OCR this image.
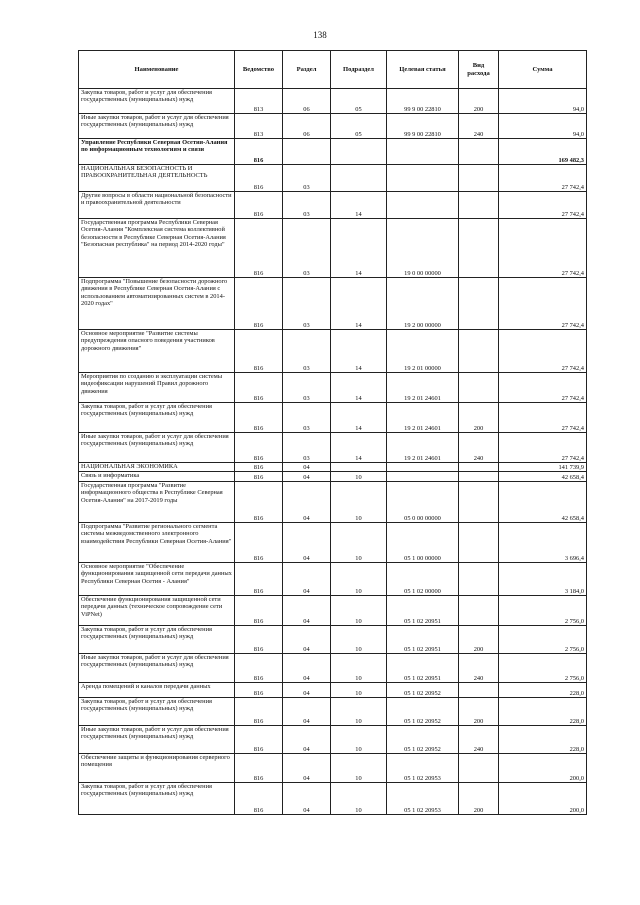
138
Наименование	Ведомство	Раздел	Подраздел	Целевая статья	Вид расхода	Сумма
Закупка товаров, работ и услуг для обеспечения государственных (муниципальных) нужд	813	06	05	99 9 00 22810	200	94,0
Иные закупки товаров, работ и услуг для обеспечения государственных (муниципальных) нужд	813	06	05	99 9 00 22810	240	94,0
Управление Республики Северная Осетия-Алания по информационным технологиям и связи	816					169 482,3
НАЦИОНАЛЬНАЯ БЕЗОПАСНОСТЬ И ПРАВООХРАНИТЕЛЬНАЯ ДЕЯТЕЛЬНОСТЬ	816	03				27 742,4
Другие вопросы в области национальной безопасности и правоохранительной деятельности	816	03	14			27 742,4
Государственная программа Республики Северная Осетия-Алания "Комплексная система коллективной безопасности в Республике Северная Осетия-Алания "Безопасная республика" на период 2014-2020 годы"	816	03	14	19 0 00 00000		27 742,4
Подпрограмма "Повышение безопасности дорожного движения в Республике Северная Осетия-Алания с использованием автоматизированных систем в 2014-2020 годах"	816	03	14	19 2 00 00000		27 742,4
Основное мероприятие "Развитие системы предупреждения опасного поведения участников дорожного движения"	816	03	14	19 2 01 00000		27 742,4
Мероприятия по созданию и эксплуатации системы видеофиксации нарушений Правил дорожного движения	816	03	14	19 2 01 24601		27 742,4
Закупка товаров, работ и услуг для обеспечения государственных (муниципальных) нужд	816	03	14	19 2 01 24601	200	27 742,4
Иные закупки товаров, работ и услуг для обеспечения государственных (муниципальных) нужд	816	03	14	19 2 01 24601	240	27 742,4
НАЦИОНАЛЬНАЯ ЭКОНОМИКА	816	04				141 739,9
Связь и информатика	816	04	10			42 658,4
Государственная программа "Развитие информационного общества в Республике Северная Осетия-Алания" на 2017-2019 годы	816	04	10	05 0 00 00000		42 658,4
Подпрограмма "Развитие регионального сегмента системы межведомственного электронного взаимодействия Республики Северная Осетия-Алания"	816	04	10	05 1 00 00000		3 696,4
Основное мероприятие "Обеспечение функционирования защищенной сети передачи данных Республики Северная Осетия - Алания"	816	04	10	05 1 02 00000		3 184,0
Обеспечение функционирования защищенной сети передачи данных (техническое сопровождение сети ViPNet)	816	04	10	05 1 02 20951		2 756,0
Закупка товаров, работ и услуг для обеспечения государственных (муниципальных) нужд	816	04	10	05 1 02 20951	200	2 756,0
Иные закупки товаров, работ и услуг для обеспечения государственных (муниципальных) нужд	816	04	10	05 1 02 20951	240	2 756,0
Аренда помещений и каналов передачи данных	816	04	10	05 1 02 20952		228,0
Закупка товаров, работ и услуг для обеспечения государственных (муниципальных) нужд	816	04	10	05 1 02 20952	200	228,0
Иные закупки товаров, работ и услуг для обеспечения государственных (муниципальных) нужд	816	04	10	05 1 02 20952	240	228,0
Обеспечение защиты и функционирования серверного помещения	816	04	10	05 1 02 20953		200,0
Закупка товаров, работ и услуг для обеспечения государственных (муниципальных) нужд	816	04	10	05 1 02 20953	200	200,0
